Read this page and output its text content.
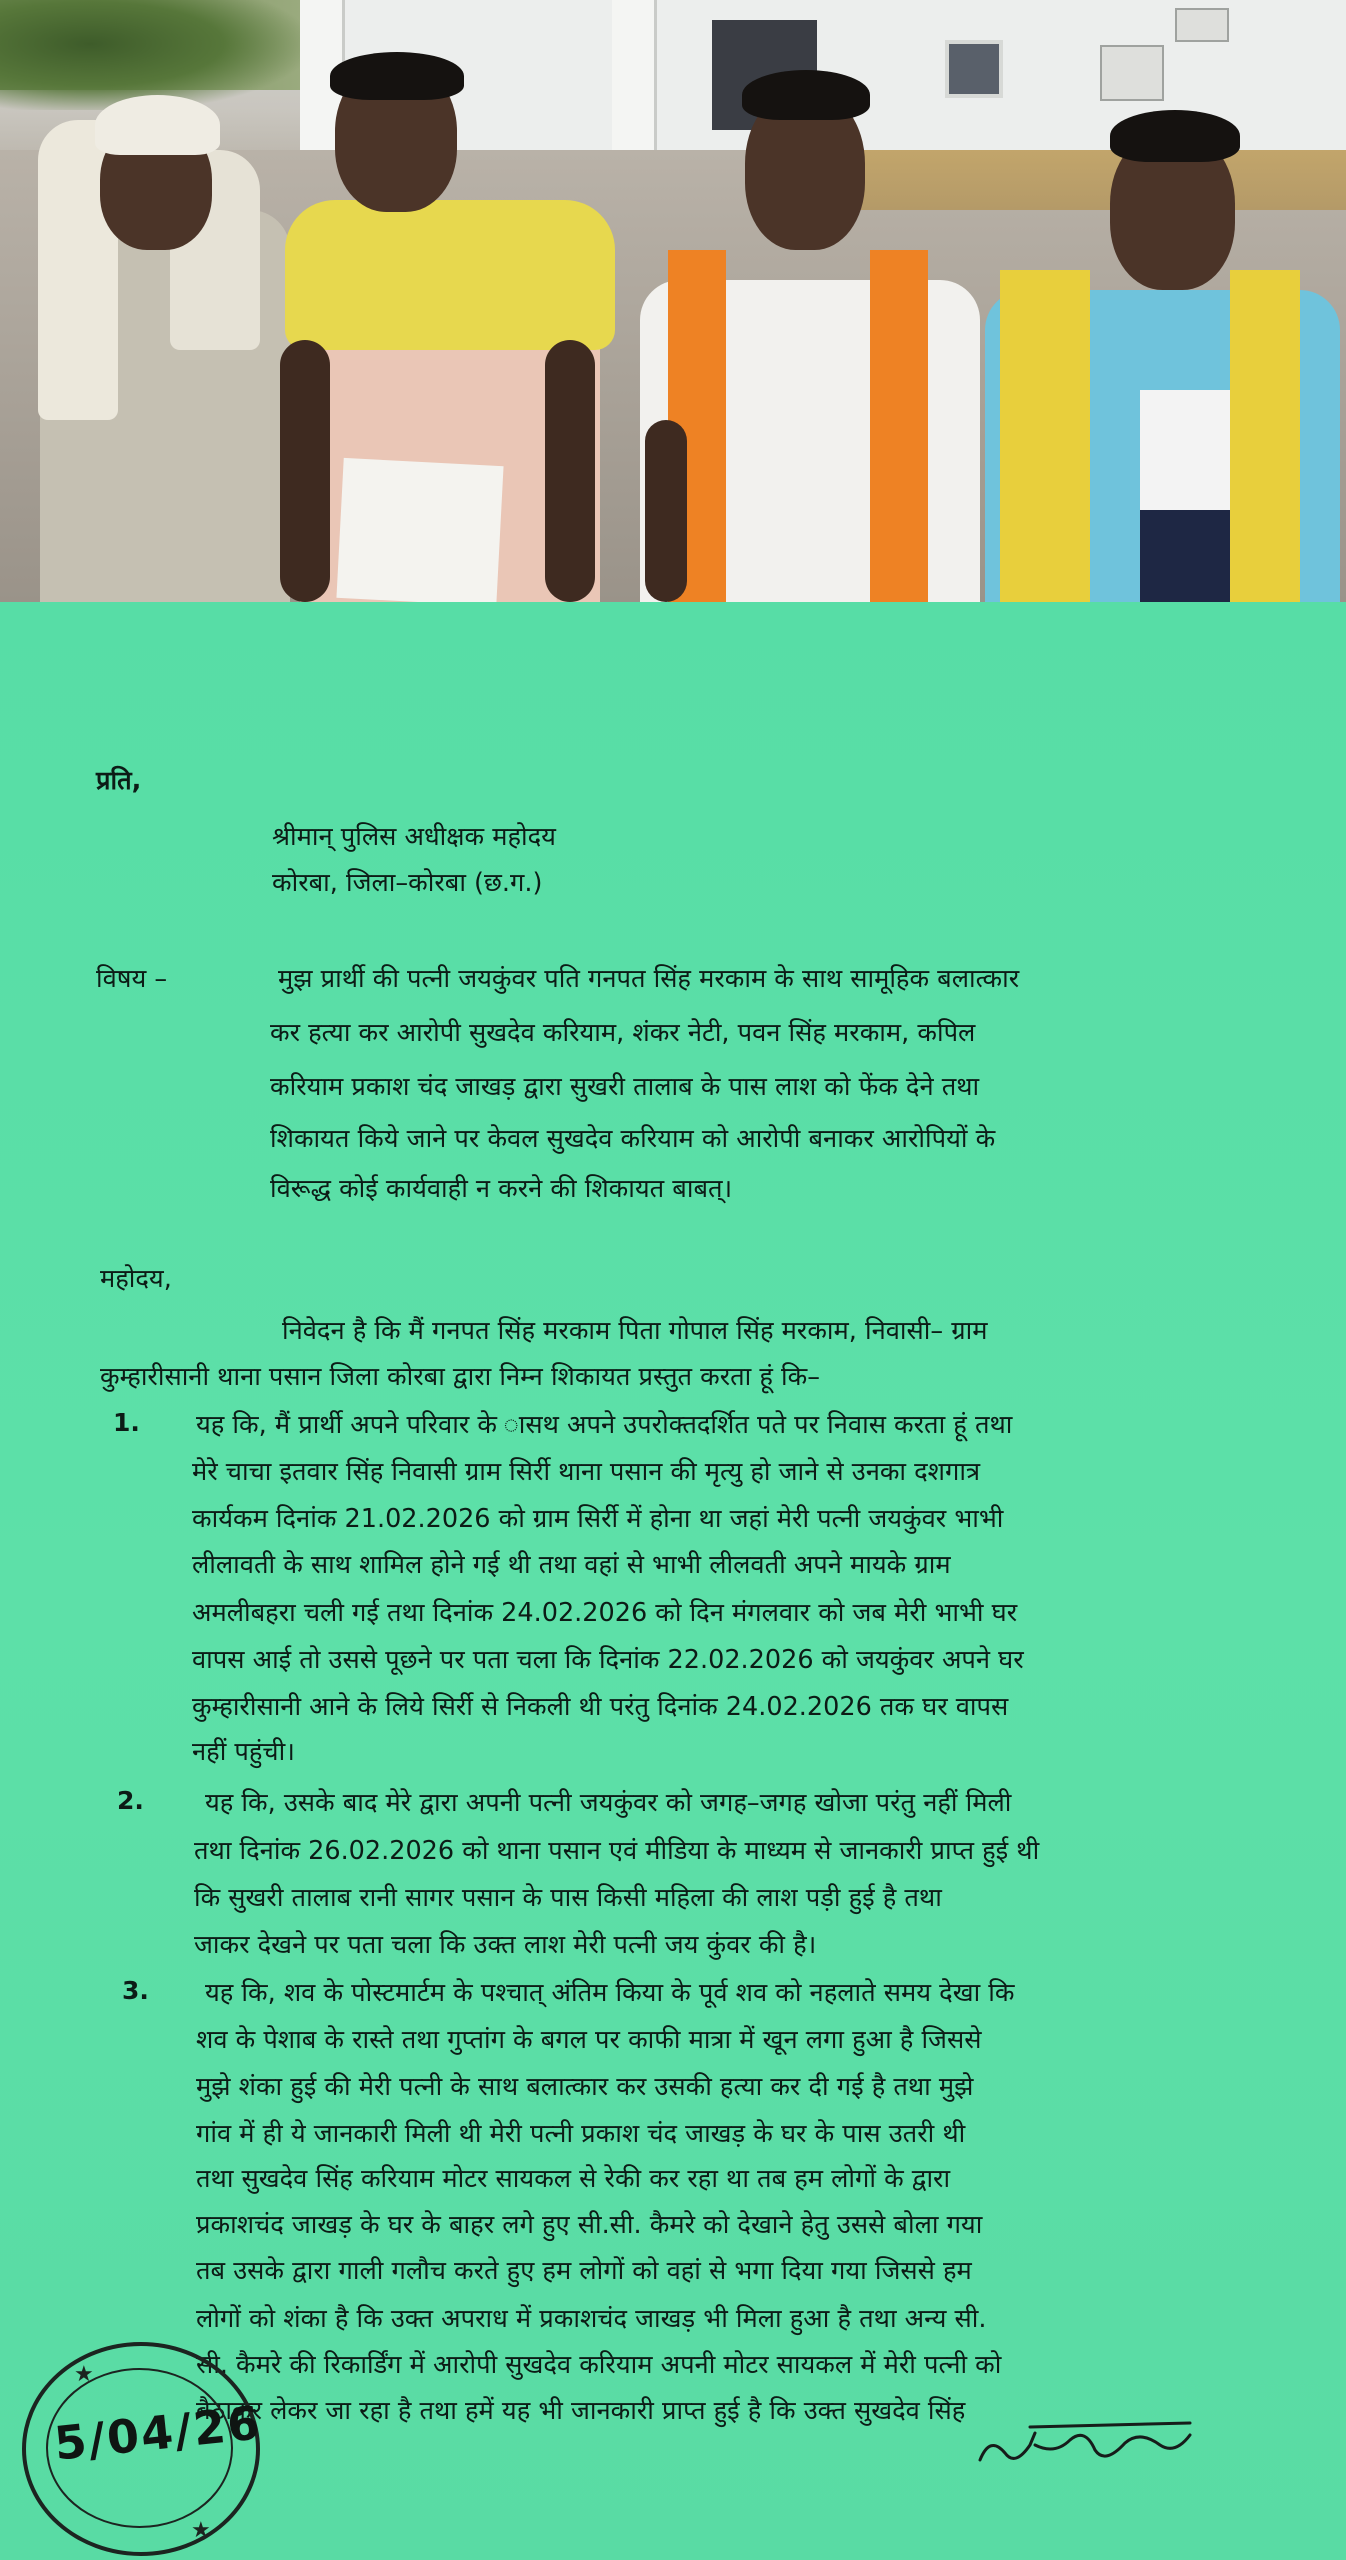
प्रति,
श्रीमान् पुलिस अधीक्षक महोदय
कोरबा, जिला–कोरबा (छ.ग.)
विषय –	मुझ प्रार्थी की पत्नी जयकुंवर पति गनपत सिंह मरकाम के साथ सामूहिक बलात्कार
कर हत्या कर आरोपी सुखदेव करियाम, शंकर नेटी, पवन सिंह मरकाम, कपिल
करियाम प्रकाश चंद जाखड़ द्वारा सुखरी तालाब के पास लाश को फेंक देने तथा
शिकायत किये जाने पर केवल सुखदेव करियाम को आरोपी बनाकर आरोपियों के
विरूद्ध कोई कार्यवाही न करने की शिकायत बाबत्।
महोदय,
निवेदन है कि मैं गनपत सिंह मरकाम पिता गोपाल सिंह मरकाम, निवासी– ग्राम
कुम्हारीसानी थाना पसान जिला कोरबा द्वारा निम्न शिकायत प्रस्तुत करता हूं कि–
1. यह कि, मैं प्रार्थी अपने परिवार के ासथ अपने उपरोक्तदर्शित पते पर निवास करता हूं तथा
मेरे चाचा इतवार सिंह निवासी ग्राम सिर्री थाना पसान की मृत्यु हो जाने से उनका दशगात्र
कार्यकम दिनांक 21.02.2026 को ग्राम सिर्री में होना था जहां मेरी पत्नी जयकुंवर भाभी
लीलावती के साथ शामिल होने गई थी तथा वहां से भाभी लीलवती अपने मायके ग्राम
अमलीबहरा चली गई तथा दिनांक 24.02.2026 को दिन मंगलवार को जब मेरी भाभी घर
वापस आई तो उससे पूछने पर पता चला कि दिनांक 22.02.2026 को जयकुंवर अपने घर
कुम्हारीसानी आने के लिये सिर्री से निकली थी परंतु दिनांक 24.02.2026 तक घर वापस
नहीं पहुंची।
2. यह कि, उसके बाद मेरे द्वारा अपनी पत्नी जयकुंवर को जगह–जगह खोजा परंतु नहीं मिली
तथा दिनांक 26.02.2026 को थाना पसान एवं मीडिया के माध्यम से जानकारी प्राप्त हुई थी
कि सुखरी तालाब रानी सागर पसान के पास किसी महिला की लाश पड़ी हुई है तथा
जाकर देखने पर पता चला कि उक्त लाश मेरी पत्नी जय कुंवर की है।
3. यह कि, शव के पोस्टमार्टम के पश्चात् अंतिम किया के पूर्व शव को नहलाते समय देखा कि
शव के पेशाब के रास्ते तथा गुप्तांग के बगल पर काफी मात्रा में खून लगा हुआ है जिससे
मुझे शंका हुई की मेरी पत्नी के साथ बलात्कार कर उसकी हत्या कर दी गई है तथा मुझे
गांव में ही ये जानकारी मिली थी मेरी पत्नी प्रकाश चंद जाखड़ के घर के पास उतरी थी
तथा सुखदेव सिंह करियाम मोटर सायकल से रेकी कर रहा था तब हम लोगों के द्वारा
प्रकाशचंद जाखड़ के घर के बाहर लगे हुए सी.सी. कैमरे को देखाने हेतु उससे बोला गया
तब उसके द्वारा गाली गलौच करते हुए हम लोगों को वहां से भगा दिया गया जिससे हम
लोगों को शंका है कि उक्त अपराध में प्रकाशचंद जाखड़ भी मिला हुआ है तथा अन्य सी.
सी. कैमरे की रिकार्डिंग में आरोपी सुखदेव करियाम अपनी मोटर सायकल में मेरी पत्नी को
बैठाकर लेकर जा रहा है तथा हमें यह भी जानकारी प्राप्त हुई है कि उक्त सुखदेव सिंह
★
★
5/04/26
